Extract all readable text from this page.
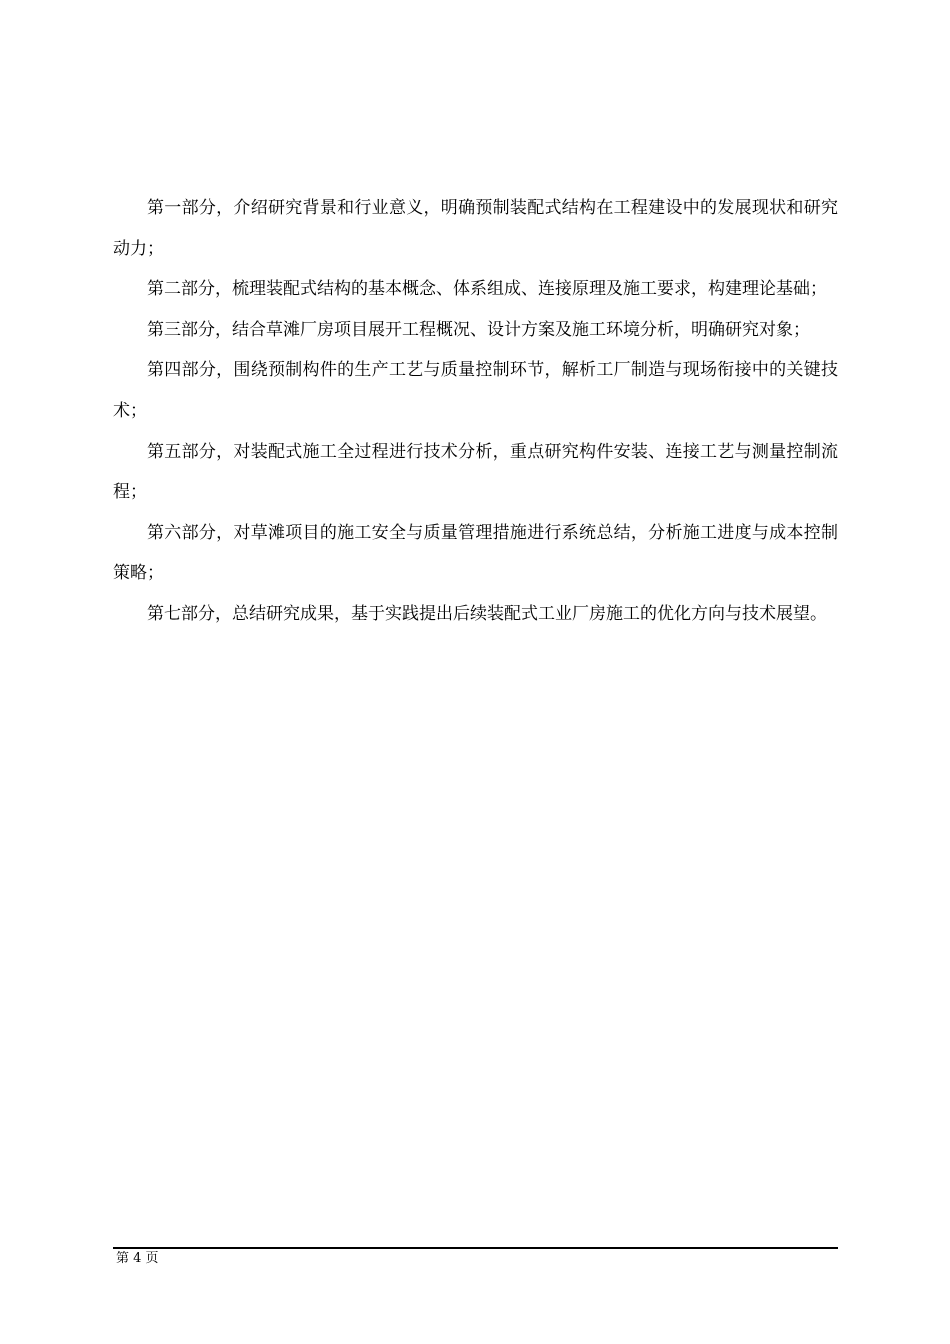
第一部分，介绍研究背景和行业意义，明确预制装配式结构在工程建设中的发展现状和研究动力；

第二部分，梳理装配式结构的基本概念、体系组成、连接原理及施工要求，构建理论基础；

第三部分，结合草滩厂房项目展开工程概况、设计方案及施工环境分析，明确研究对象；

第四部分，围绕预制构件的生产工艺与质量控制环节，解析工厂制造与现场衔接中的关键技术；

第五部分，对装配式施工全过程进行技术分析，重点研究构件安装、连接工艺与测量控制流程；

第六部分，对草滩项目的施工安全与质量管理措施进行系统总结，分析施工进度与成本控制策略；

第七部分，总结研究成果，基于实践提出后续装配式工业厂房施工的优化方向与技术展望。

第 4 页
